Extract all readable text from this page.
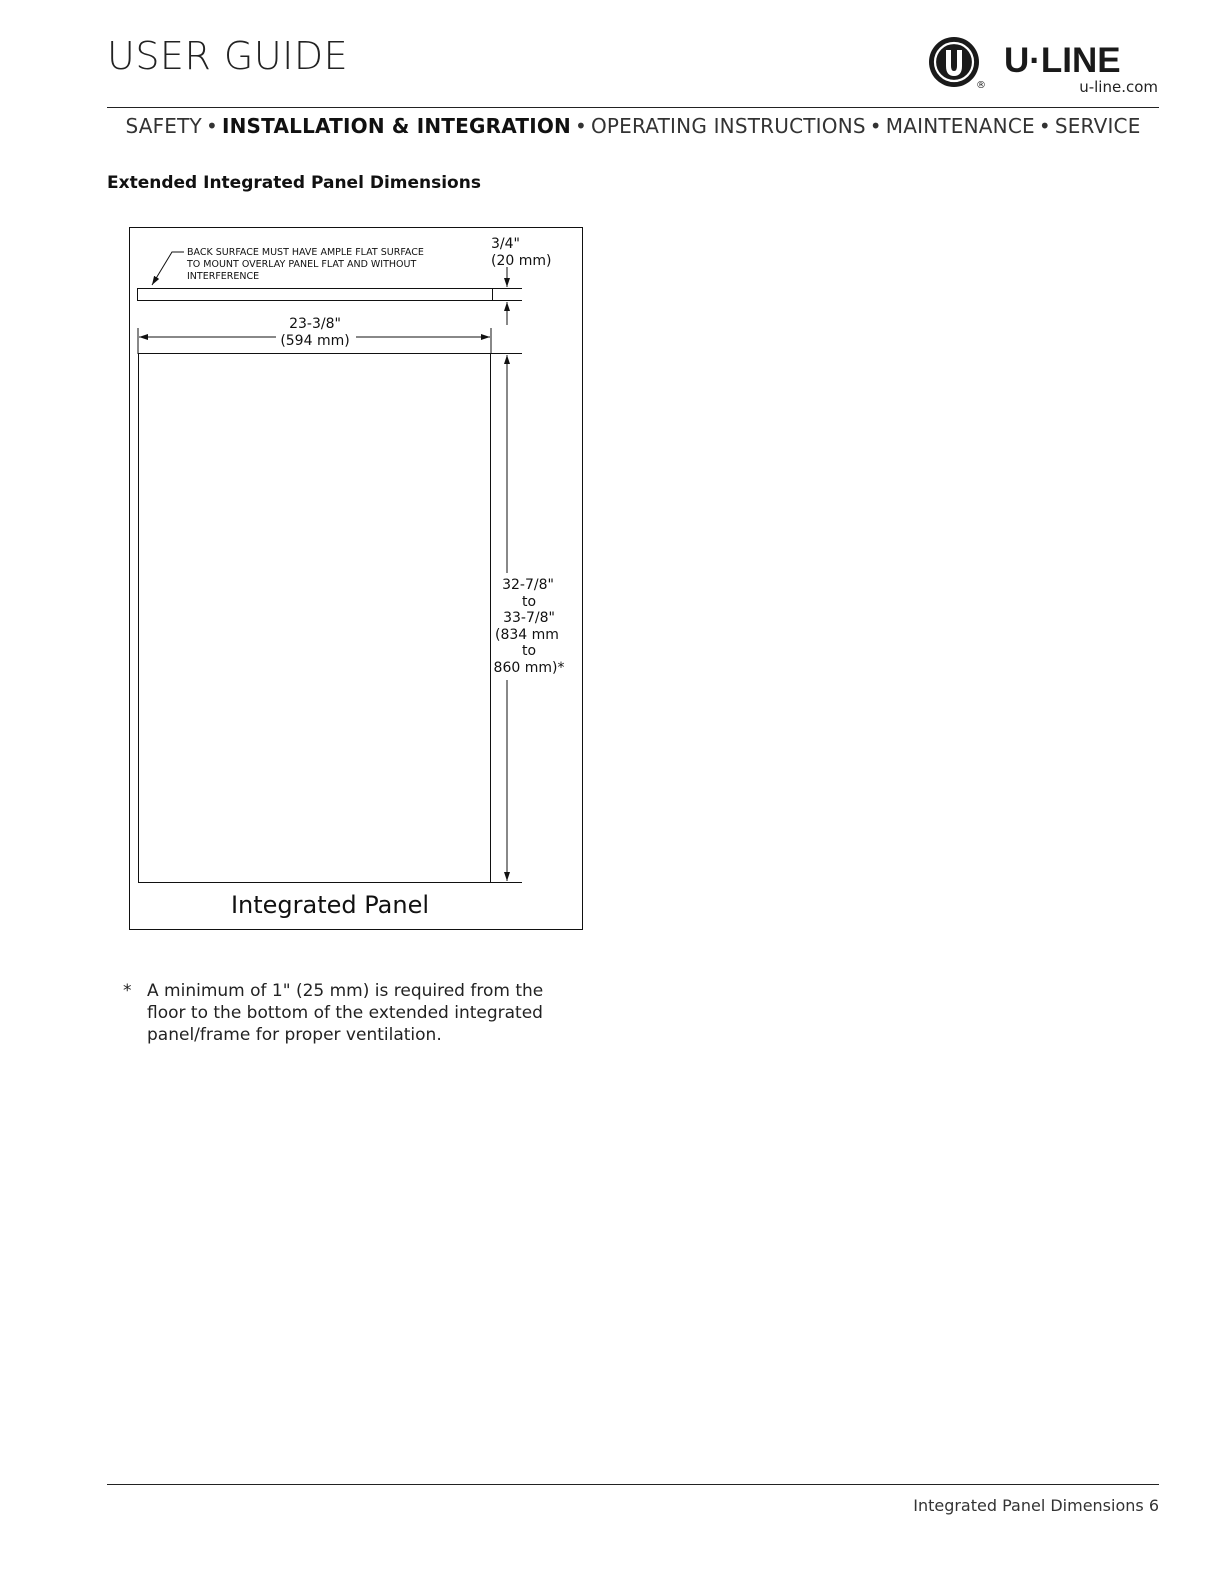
USER GUIDE
®
U·LINE
u-line.com
SAFETY • INSTALLATION & INTEGRATION • OPERATING INSTRUCTIONS • MAINTENANCE • SERVICE
Extended Integrated Panel Dimensions
BACK SURFACE MUST HAVE AMPLE FLAT SURFACE
TO MOUNT OVERLAY PANEL FLAT AND WITHOUT
INTERFERENCE
3/4"
(20 mm)
23-3/8"
(594 mm)
32-7/8"
to
33-7/8"
(834 mm
to
860 mm)*
Integrated Panel
* A minimum of 1" (25 mm) is required from the floor to the bottom of the extended integrated panel/frame for proper ventilation.
Integrated Panel Dimensions 6
